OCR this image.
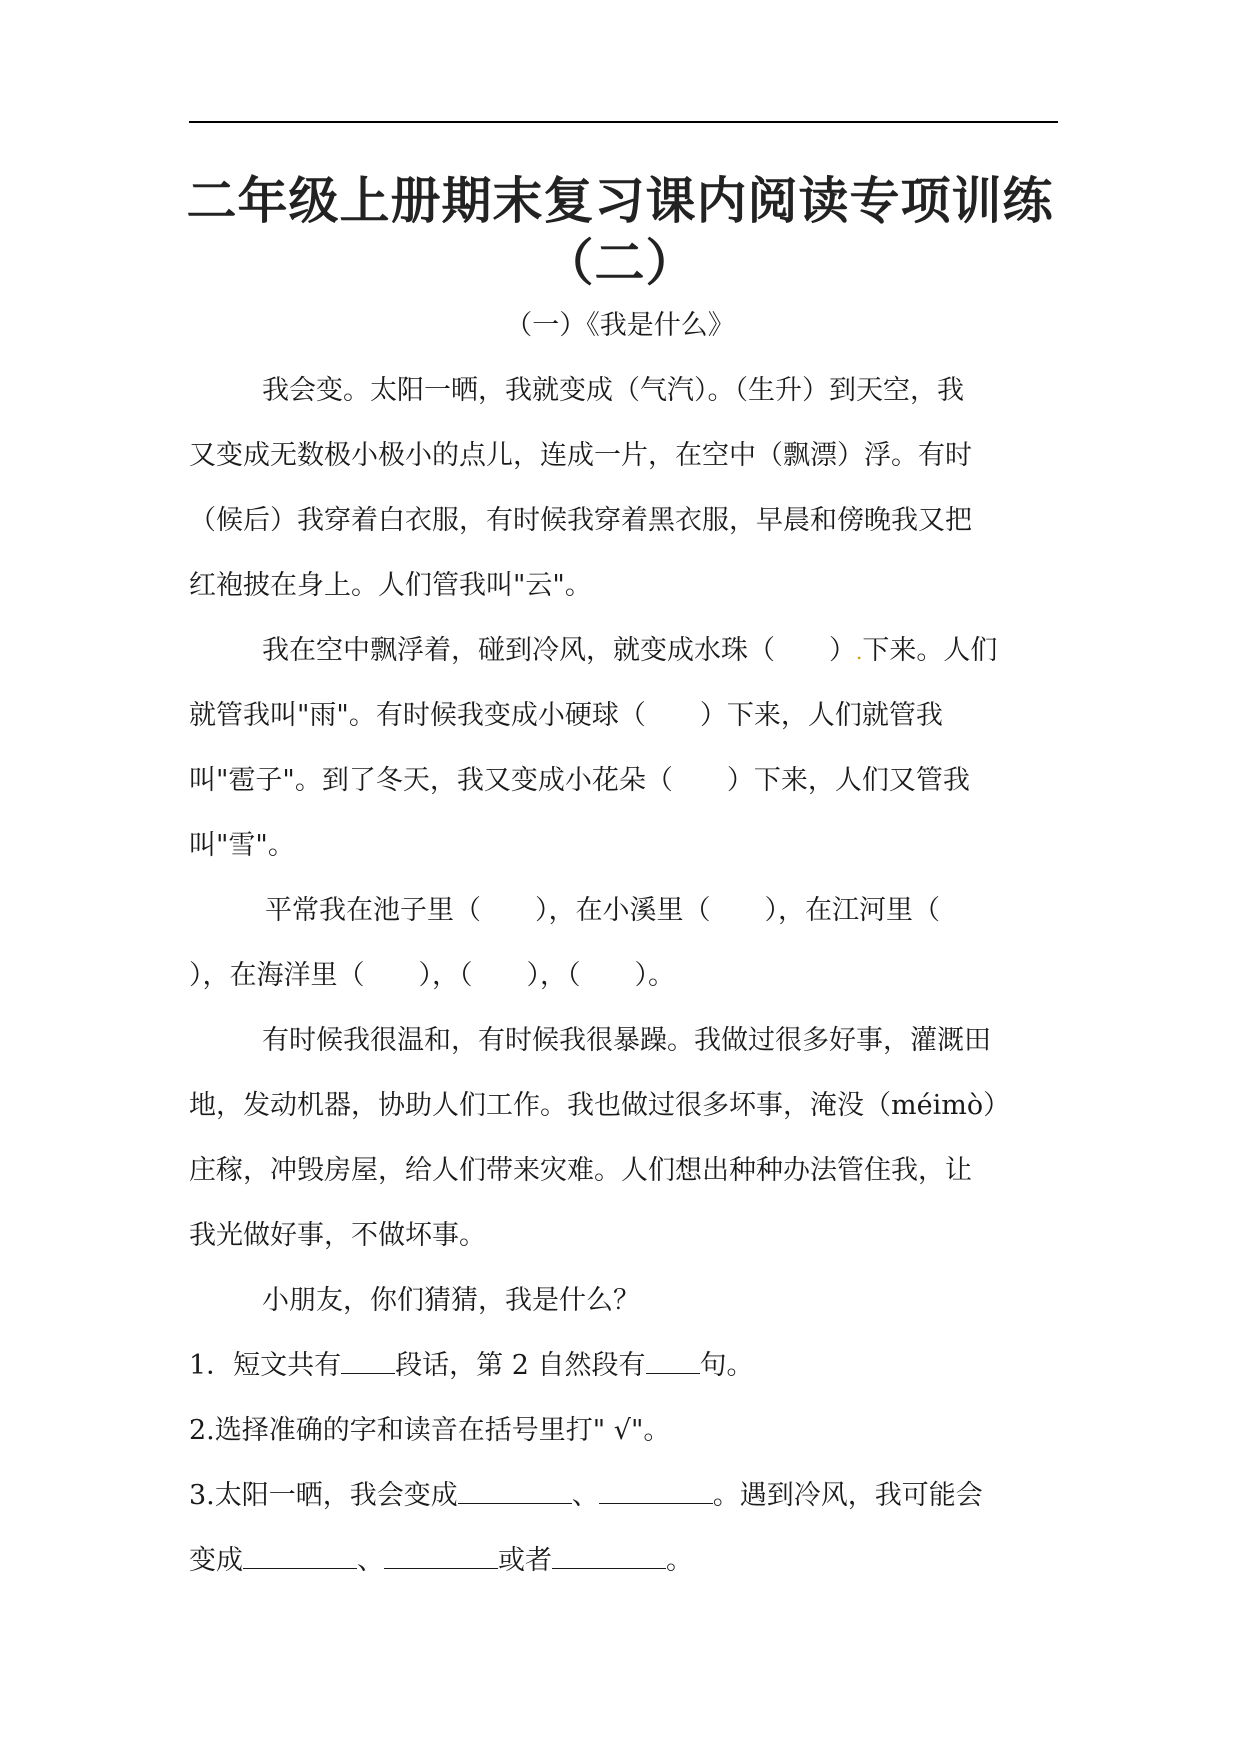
二年级上册期末复习课内阅读专项训练
（二）

（一）《我是什么》

我会变。太阳一晒，我就变成（气汽）。（生升）到天空，我
又变成无数极小极小的点儿，连成一片，在空中（飘漂）浮。有时
（候后）我穿着白衣服，有时候我穿着黑衣服，早晨和傍晚我又把
红袍披在身上。人们管我叫"云"。
我在空中飘浮着，碰到冷风，就变成水珠（　　）.下来。人们
就管我叫"雨"。有时候我变成小硬球（　　）下来，人们就管我
叫"雹子"。到了冬天，我又变成小花朵（　　）下来，人们又管我
叫"雪"。
平常我在池子里（　　），在小溪里（　　），在江河里（
），在海洋里（　　），（　　），（　　）。
有时候我很温和，有时候我很暴躁。我做过很多好事，灌溉田
地，发动机器，协助人们工作。我也做过很多坏事，淹没（méimò）
庄稼，冲毁房屋，给人们带来灾难。人们想出种种办法管住我，让
我光做好事，不做坏事。
小朋友，你们猜猜，我是什么？
1．短文共有 段话，第 2 自然段有 句。
2.选择准确的字和读音在括号里打" √"。
3.太阳一晒，我会变成	、	。遇到冷风，我可能会
变成	、	或者	。
